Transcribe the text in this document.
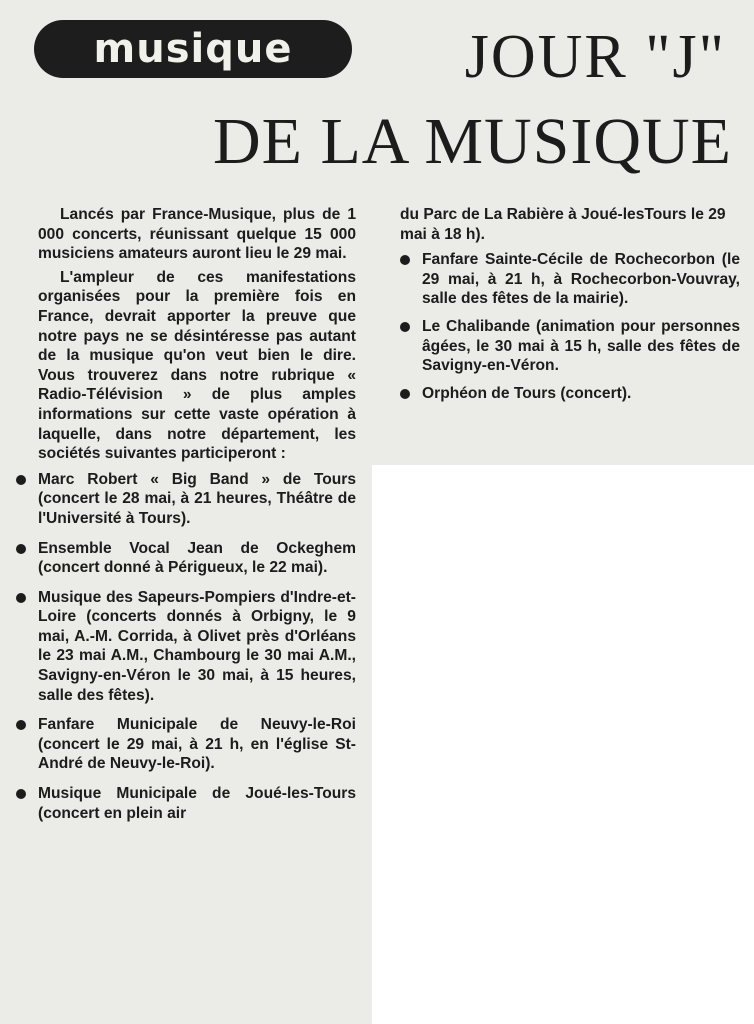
musique	JOUR "J"
DE LA MUSIQUE

Lancés par France-Musique, plus de 1 000 concerts, réunissant quelque 15 000 musiciens amateurs auront lieu le 29 mai.

L'ampleur de ces manifestations organisées pour la première fois en France, devrait apporter la preuve que notre pays ne se désintéresse pas autant de la musique qu'on veut bien le dire. Vous trouverez dans notre rubrique « Radio-Télévision » de plus amples informations sur cette vaste opération à laquelle, dans notre département, les sociétés suivantes participeront :

Marc Robert « Big Band » de Tours (concert le 28 mai, à 21 heures, Théâtre de l'Université à Tours).
Ensemble Vocal Jean de Ockeghem (concert donné à Périgueux, le 22 mai).
Musique des Sapeurs-Pompiers d'Indre-et-Loire (concerts donnés à Orbigny, le 9 mai, A.-M. Corrida, à Olivet près d'Orléans le 23 mai A.M., Chambourg le 30 mai A.M., Savigny-en-Véron le 30 mai, à 15 heures, salle des fêtes).
Fanfare Municipale de Neuvy-le-Roi (concert le 29 mai, à 21 h, en l'église St-André de Neuvy-le-Roi).
Musique Municipale de Joué-les-Tours (concert en plein air
du Parc de La Rabière à Joué-lesTours le 29 mai à 18 h).
Fanfare Sainte-Cécile de Rochecorbon (le 29 mai, à 21 h, à Rochecorbon-Vouvray, salle des fêtes de la mairie).
Le Chalibande (animation pour personnes âgées, le 30 mai à 15 h, salle des fêtes de Savigny-en-Véron.
Orphéon de Tours (concert).
